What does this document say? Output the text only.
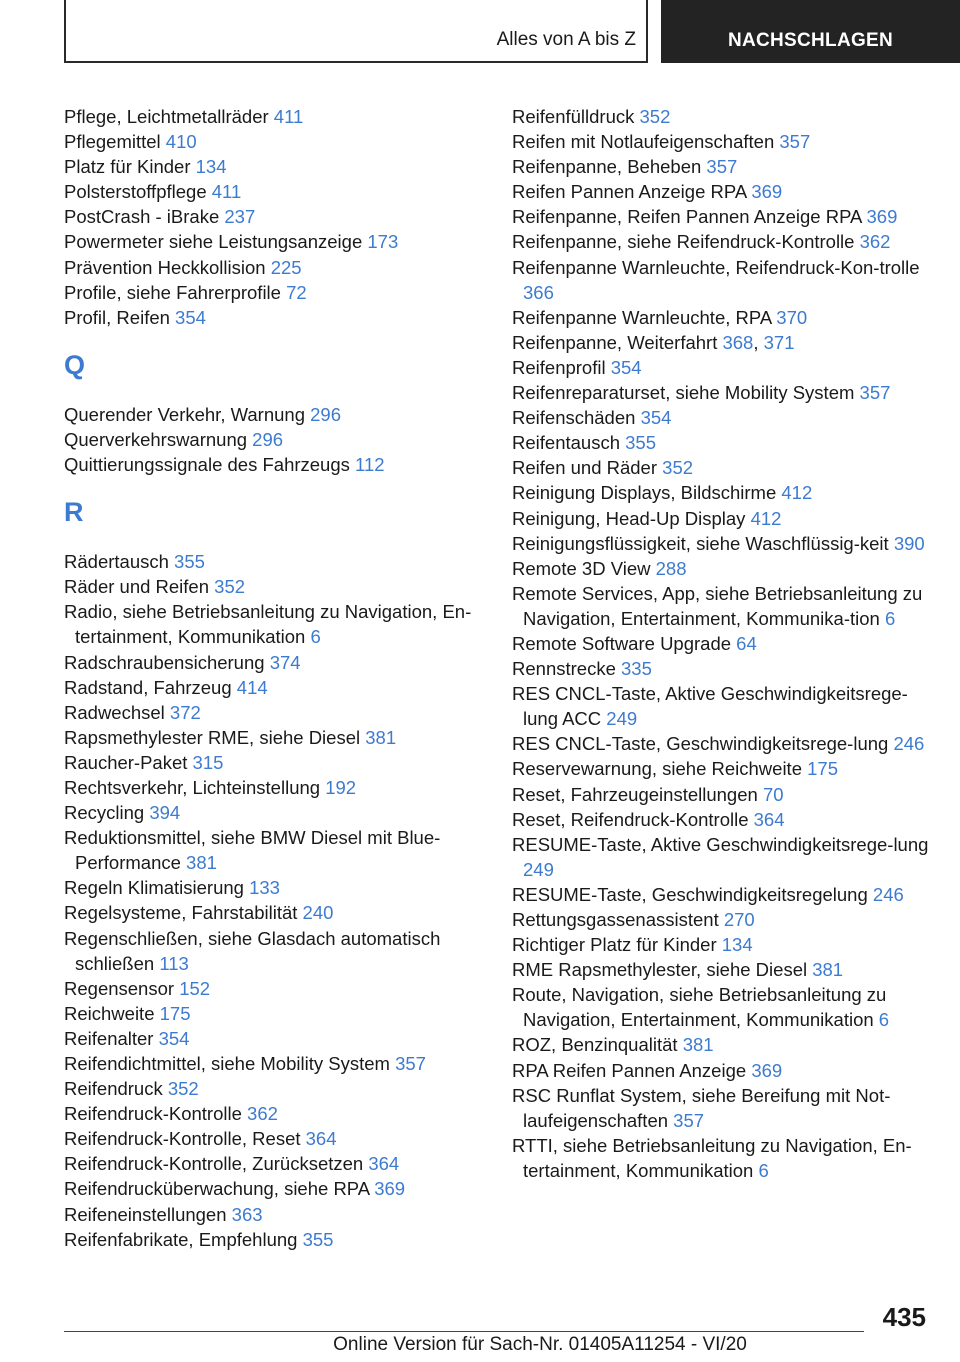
Alles von A bis Z	NACHSCHLAGEN
Pflege, Leichtmetallräder 411
Pflegemittel 410
Platz für Kinder 134
Polsterstoffpflege 411
PostCrash - iBrake 237
Powermeter siehe Leistungsanzeige 173
Prävention Heckkollision 225
Profile, siehe Fahrerprofile 72
Profil, Reifen 354
Q
Querender Verkehr, Warnung 296
Querverkehrswarnung 296
Quittierungssignale des Fahrzeugs 112
R
Rädertausch 355
Räder und Reifen 352
Radio, siehe Betriebsanleitung zu Navigation, En-tertainment, Kommunikation 6
Radschraubensicherung 374
Radstand, Fahrzeug 414
Radwechsel 372
Rapsmethylester RME, siehe Diesel 381
Raucher-Paket 315
Rechtsverkehr, Lichteinstellung 192
Recycling 394
Reduktionsmittel, siehe BMW Diesel mit Blue-Performance 381
Regeln Klimatisierung 133
Regelsysteme, Fahrstabilität 240
Regenschließen, siehe Glasdach automatisch schließen 113
Regensensor 152
Reichweite 175
Reifenalter 354
Reifendichtmittel, siehe Mobility System 357
Reifendruck 352
Reifendruck-Kontrolle 362
Reifendruck-Kontrolle, Reset 364
Reifendruck-Kontrolle, Zurücksetzen 364
Reifendrucküberwachung, siehe RPA 369
Reifeneinstellungen 363
Reifenfabrikate, Empfehlung 355
Reifenfülldruck 352
Reifen mit Notlaufeigenschaften 357
Reifenpanne, Beheben 357
Reifen Pannen Anzeige RPA 369
Reifenpanne, Reifen Pannen Anzeige RPA 369
Reifenpanne, siehe Reifendruck-Kontrolle 362
Reifenpanne Warnleuchte, Reifendruck-Kon-trolle 366
Reifenpanne Warnleuchte, RPA 370
Reifenpanne, Weiterfahrt 368, 371
Reifenprofil 354
Reifenreparaturset, siehe Mobility System 357
Reifenschäden 354
Reifentausch 355
Reifen und Räder 352
Reinigung Displays, Bildschirme 412
Reinigung, Head-Up Display 412
Reinigungsflüssigkeit, siehe Waschflüssig-keit 390
Remote 3D View 288
Remote Services, App, siehe Betriebsanleitung zu Navigation, Entertainment, Kommunika-tion 6
Remote Software Upgrade 64
Rennstrecke 335
RES CNCL-Taste, Aktive Geschwindigkeitsrege-lung ACC 249
RES CNCL-Taste, Geschwindigkeitsrege-lung 246
Reservewarnung, siehe Reichweite 175
Reset, Fahrzeugeinstellungen 70
Reset, Reifendruck-Kontrolle 364
RESUME-Taste, Aktive Geschwindigkeitsrege-lung 249
RESUME-Taste, Geschwindigkeitsregelung 246
Rettungsgassenassistent 270
Richtiger Platz für Kinder 134
RME Rapsmethylester, siehe Diesel 381
Route, Navigation, siehe Betriebsanleitung zu Navigation, Entertainment, Kommunikation 6
ROZ, Benzinqualität 381
RPA Reifen Pannen Anzeige 369
RSC Runflat System, siehe Bereifung mit Not-laufeigenschaften 357
RTTI, siehe Betriebsanleitung zu Navigation, En-tertainment, Kommunikation 6
435
Online Version für Sach-Nr. 01405A11254 - VI/20
